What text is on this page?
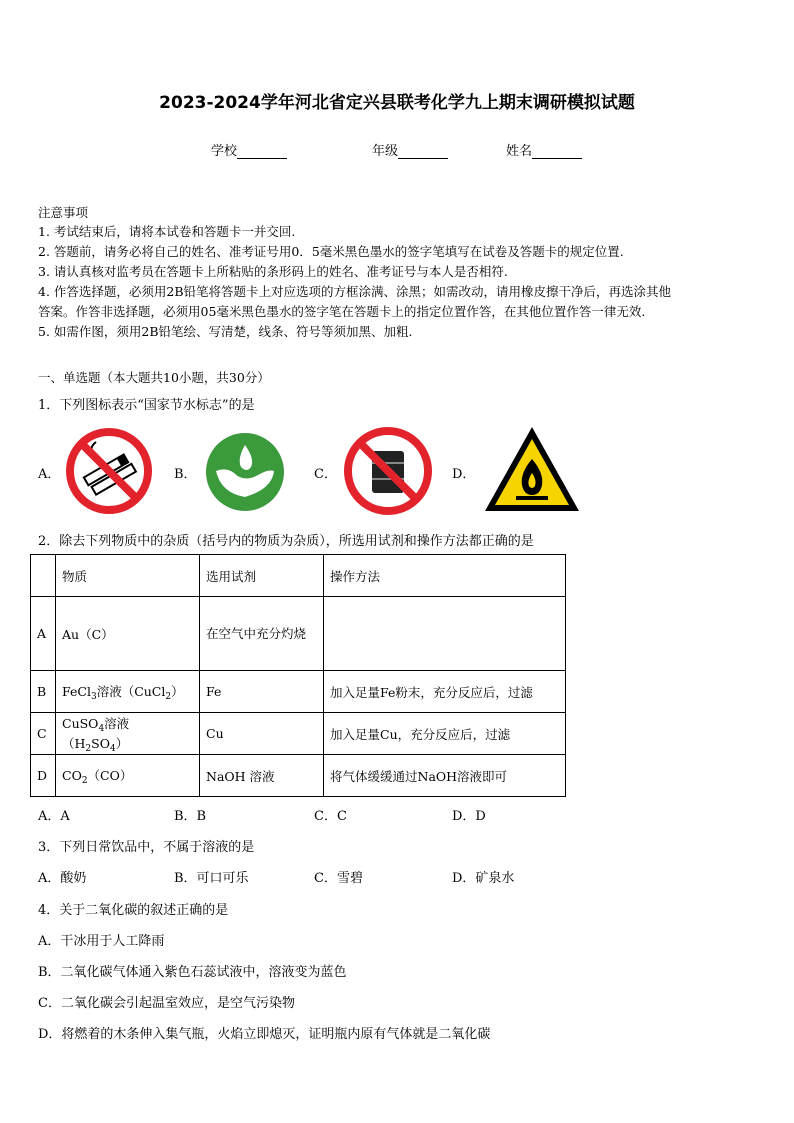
2023-2024学年河北省定兴县联考化学九上期末调研模拟试题
学校	年级	姓名
注意事项
1. 考试结束后，请将本试卷和答题卡一并交回.
2. 答题前，请务必将自己的姓名、准考证号用0．5毫米黑色墨水的签字笔填写在试卷及答题卡的规定位置.
3. 请认真核对监考员在答题卡上所粘贴的条形码上的姓名、准考证号与本人是否相符.
4. 作答选择题，必须用2B铅笔将答题卡上对应选项的方框涂满、涂黑；如需改动，请用橡皮擦干净后，再选涂其他
答案。作答非选择题，必须用05毫米黑色墨水的签字笔在答题卡上的指定位置作答，在其他位置作答一律无效.
5. 如需作图，须用2B铅笔绘、写清楚，线条、符号等须加黑、加粗.
一、单选题（本大题共10小题，共30分）
1．下列图标表示“国家节水标志”的是
A．	B．	C．	D．
2．除去下列物质中的杂质（括号内的物质为杂质），所选用试剂和操作方法都正确的是
	物质	选用试剂	操作方法
A	Au（C）	在空气中充分灼烧	
B	FeCl$_3$溶液（CuCl$_2$）	Fe	加入足量Fe粉末，充分反应后，过滤
C	CuSO$_4$溶液$(H_2SO_4)$	Cu	加入足量Cu，充分反应后，过滤
D	$CO_2(CO)$	NaOH 溶液	将气体缓缓通过NaOH溶液即可
A．A	B．B	C．C	D．D
3．下列日常饮品中，不属于溶液的是
A．酸奶	B．可口可乐	C．雪碧	D．矿泉水
4．关于二氧化碳的叙述正确的是
A．干冰用于人工降雨
B．二氧化碳气体通入紫色石蕊试液中，溶液变为蓝色
C．二氧化碳会引起温室效应，是空气污染物
D．将燃着的木条伸入集气瓶，火焰立即熄灭，证明瓶内原有气体就是二氧化碳
